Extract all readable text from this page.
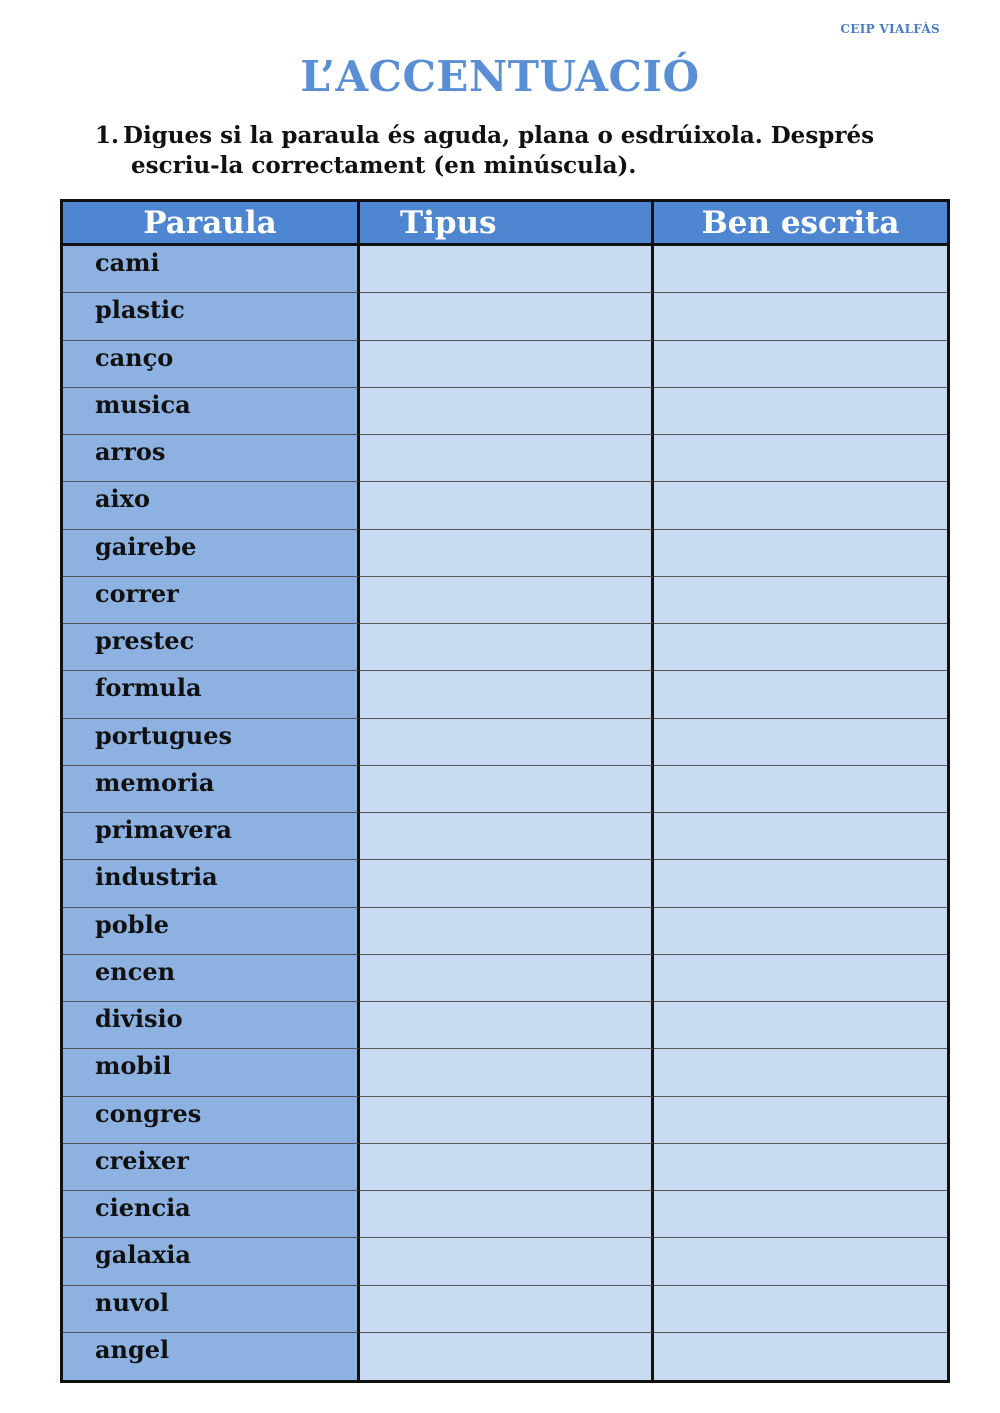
CEIP VIALFÀS
L’ACCENTUACIÓ
1. Digues si la paraula és aguda, plana o esdrúixola. Després
escriu-la correctament (en minúscula).
Paraula	Tipus	Ben escrita
cami
plastic
canço
musica
arros
aixo
gairebe
correr
prestec
formula
portugues
memoria
primavera
industria
poble
encen
divisio
mobil
congres
creixer
ciencia
galaxia
nuvol
angel
